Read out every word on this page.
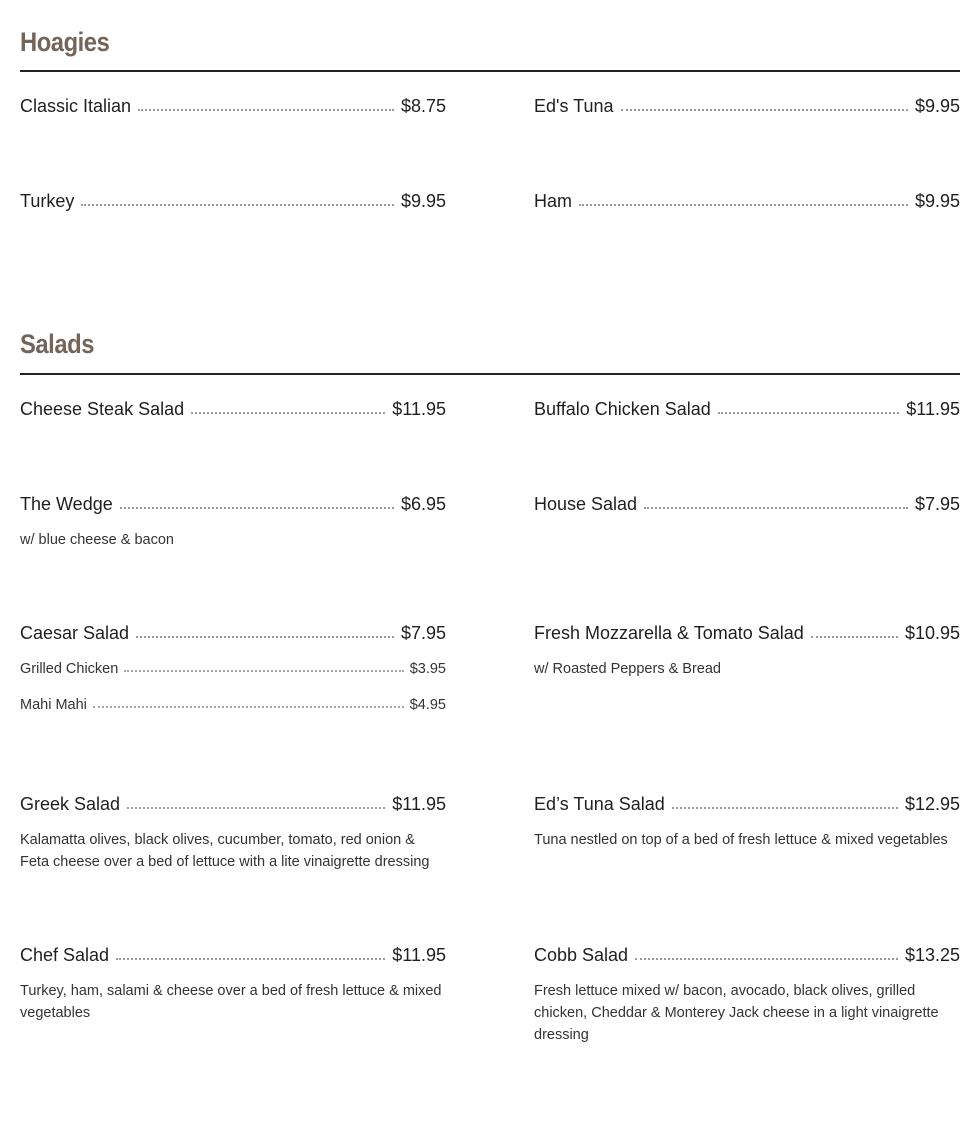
Hoagies
Classic Italian	$8.75	Ed's Tuna	$9.95
Turkey	$9.95	Ham	$9.95
Salads
Cheese Steak Salad	$11.95	Buffalo Chicken Salad	$11.95
The Wedge	$6.95
w/ blue cheese & bacon
House Salad	$7.95
Caesar Salad	$7.95
Grilled Chicken	$3.95
Mahi Mahi	$4.95
Fresh Mozzarella & Tomato Salad	$10.95
w/ Roasted Peppers & Bread
Greek Salad	$11.95
Kalamatta olives, black olives, cucumber, tomato, red onion & Feta cheese over a bed of lettuce with a lite vinaigrette dressing
Ed’s Tuna Salad	$12.95
Tuna nestled on top of a bed of fresh lettuce & mixed vegetables
Chef Salad	$11.95
Turkey, ham, salami & cheese over a bed of fresh lettuce & mixed vegetables
Cobb Salad	$13.25
Fresh lettuce mixed w/ bacon, avocado, black olives, grilled chicken, Cheddar & Monterey Jack cheese in a light vinaigrette dressing
